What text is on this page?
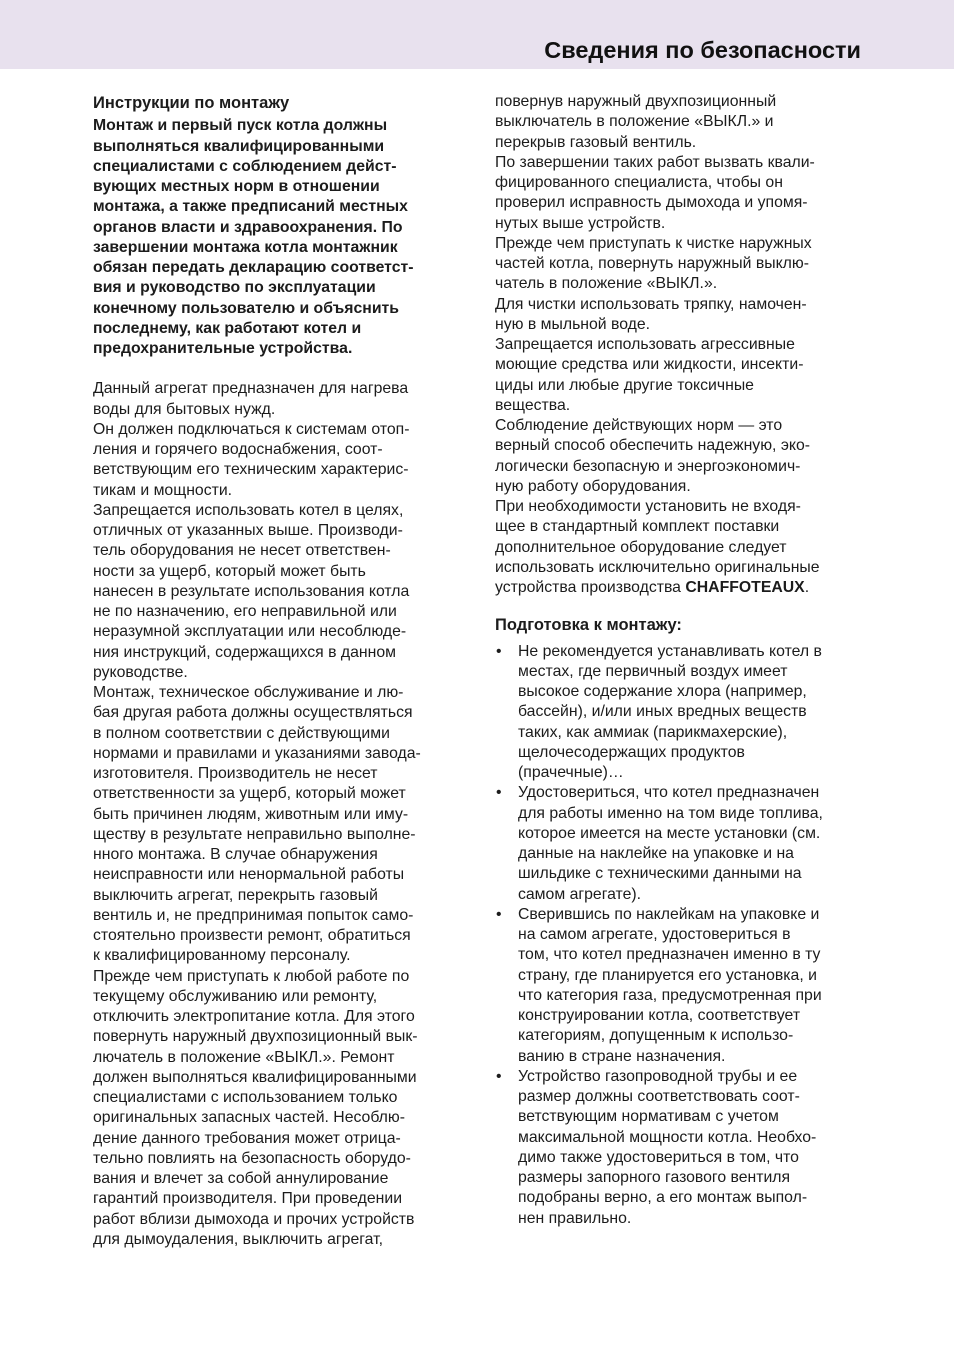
Сведения по безопасности
Инструкции по монтажу
Монтаж и первый пуск котла должны
выполняться квалифицированными
специалистами с соблюдением дейст-
вующих местных норм в отношении
монтажа, а также предписаний местных
органов власти и здравоохранения. По
завершении монтажа котла монтажник
обязан передать декларацию соответст-
вия и руководство по эксплуатации
конечному пользователю и объяснить
последнему, как работают котел и
предохранительные устройства.
Данный агрегат предназначен для нагрева
воды для бытовых нужд.
Он должен подключаться к системам отоп-
ления и горячего водоснабжения, соот-
ветствующим его техническим характерис-
тикам и мощности.
Запрещается использовать котел в целях,
отличных от указанных выше. Производи-
тель оборудования не несет ответствен-
ности за ущерб, который может быть
нанесен в результате использования котла
не по назначению, его неправильной или
неразумной эксплуатации или несоблюде-
ния инструкций, содержащихся в данном
руководстве.
Монтаж, техническое обслуживание и лю-
бая другая работа должны осуществляться
в полном соответствии с действующими
нормами и правилами и указаниями завода-
изготовителя. Производитель не несет
ответственности за ущерб, который может
быть причинен людям, животным или иму-
ществу в результате неправильно выполне-
нного монтажа. В случае обнаружения
неисправности или ненормальной работы
выключить агрегат, перекрыть газовый
вентиль и, не предпринимая попыток само-
стоятельно произвести ремонт, обратиться
к квалифицированному персоналу.
Прежде чем приступать к любой работе по
текущему обслуживанию или ремонту,
отключить электропитание котла. Для этого
повернуть наружный двухпозиционный вык-
лючатель в положение «ВЫКЛ.». Ремонт
должен выполняться квалифицированными
специалистами с использованием только
оригинальных запасных частей. Несоблю-
дение данного требования может отрица-
тельно повлиять на безопасность оборудо-
вания и влечет за собой аннулирование
гарантий производителя. При проведении
работ вблизи дымохода и прочих устройств
для дымоудаления, выключить агрегат,
повернув наружный двухпозиционный
выключатель в положение «ВЫКЛ.» и
перекрыв газовый вентиль.
По завершении таких работ вызвать квали-
фицированного специалиста, чтобы он
проверил исправность дымохода и упомя-
нутых выше устройств.
Прежде чем приступать к чистке наружных
частей котла, повернуть наружный выклю-
чатель в положение «ВЫКЛ.».
Для чистки использовать тряпку, намочен-
ную в мыльной воде.
Запрещается использовать агрессивные
моющие средства или жидкости, инсекти-
циды или любые другие токсичные
вещества.
Соблюдение действующих норм — это
верный способ обеспечить надежную, эко-
логически безопасную и энергоэкономич-
ную работу оборудования.
При необходимости установить не входя-
щее в стандартный комплект поставки
дополнительное оборудование следует
использовать исключительно оригинальные
устройства производства CHAFFOTEAUX.
Подготовка к монтажу:
• Не рекомендуется устанавливать котел в
местах, где первичный воздух имеет
высокое содержание хлора (например,
бассейн), и/или иных вредных веществ
таких, как аммиак (парикмахерские),
щелочесодержащих продуктов
(прачечные)…
• Удостовериться, что котел предназначен
для работы именно на том виде топлива,
которое имеется на месте установки (см.
данные на наклейке на упаковке и на
шильдике с техническими данными на
самом агрегате).
• Сверившись по наклейкам на упаковке и
на самом агрегате, удостовериться в
том, что котел предназначен именно в ту
страну, где планируется его установка, и
что категория газа, предусмотренная при
конструировании котла, соответствует
категориям, допущенным к использо-
ванию в стране назначения.
• Устройство газопроводной трубы и ее
размер должны соответствовать соот-
ветствующим нормативам с учетом
максимальной мощности котла. Необхо-
димо также удостовериться в том, что
размеры запорного газового вентиля
подобраны верно, а его монтаж выпол-
нен правильно.
